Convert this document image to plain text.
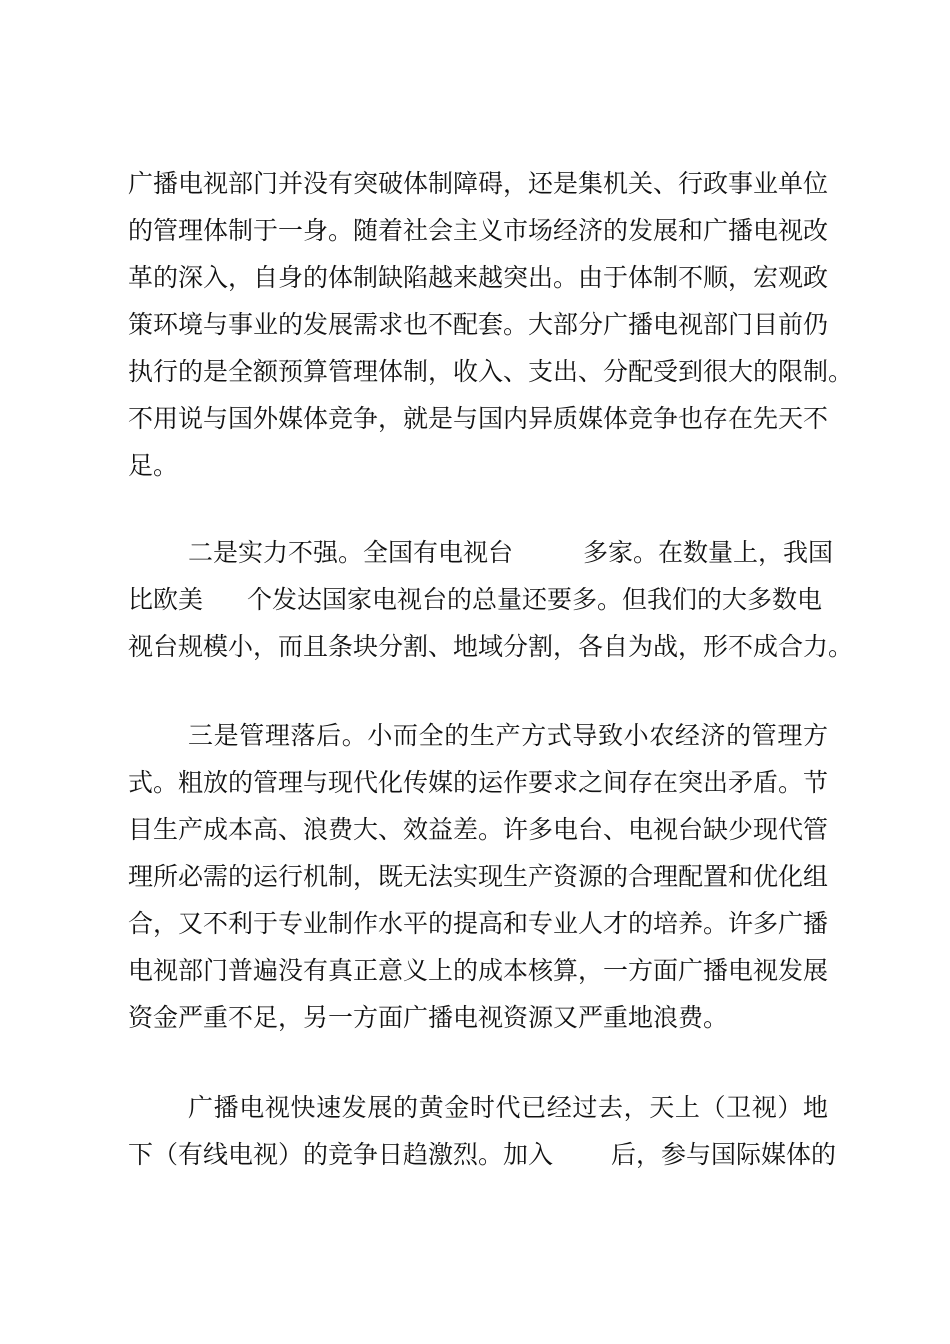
广播电视部门并没有突破体制障碍，还是集机关、行政事业单位
的管理体制于一身。随着社会主义市场经济的发展和广播电视改
革的深入，自身的体制缺陷越来越突出。由于体制不顺，宏观政
策环境与事业的发展需求也不配套。大部分广播电视部门目前仍
执行的是全额预算管理体制，收入、支出、分配受到很大的限制。
不用说与国外媒体竞争，就是与国内异质媒体竞争也存在先天不
足。
二是实力不强。全国有电视台	多家。在数量上，我国
比欧美 个发达国家电视台的总量还要多。但我们的大多数电
视台规模小，而且条块分割、地域分割，各自为战，形不成合力。
三是管理落后。小而全的生产方式导致小农经济的管理方
式。粗放的管理与现代化传媒的运作要求之间存在突出矛盾。节
目生产成本高、浪费大、效益差。许多电台、电视台缺少现代管
理所必需的运行机制，既无法实现生产资源的合理配置和优化组
合，又不利于专业制作水平的提高和专业人才的培养。许多广播
电视部门普遍没有真正意义上的成本核算，一方面广播电视发展
资金严重不足，另一方面广播电视资源又严重地浪费。
广播电视快速发展的黄金时代已经过去，天上（卫视）地
下（有线电视）的竞争日趋激烈。加入 后，参与国际媒体的
